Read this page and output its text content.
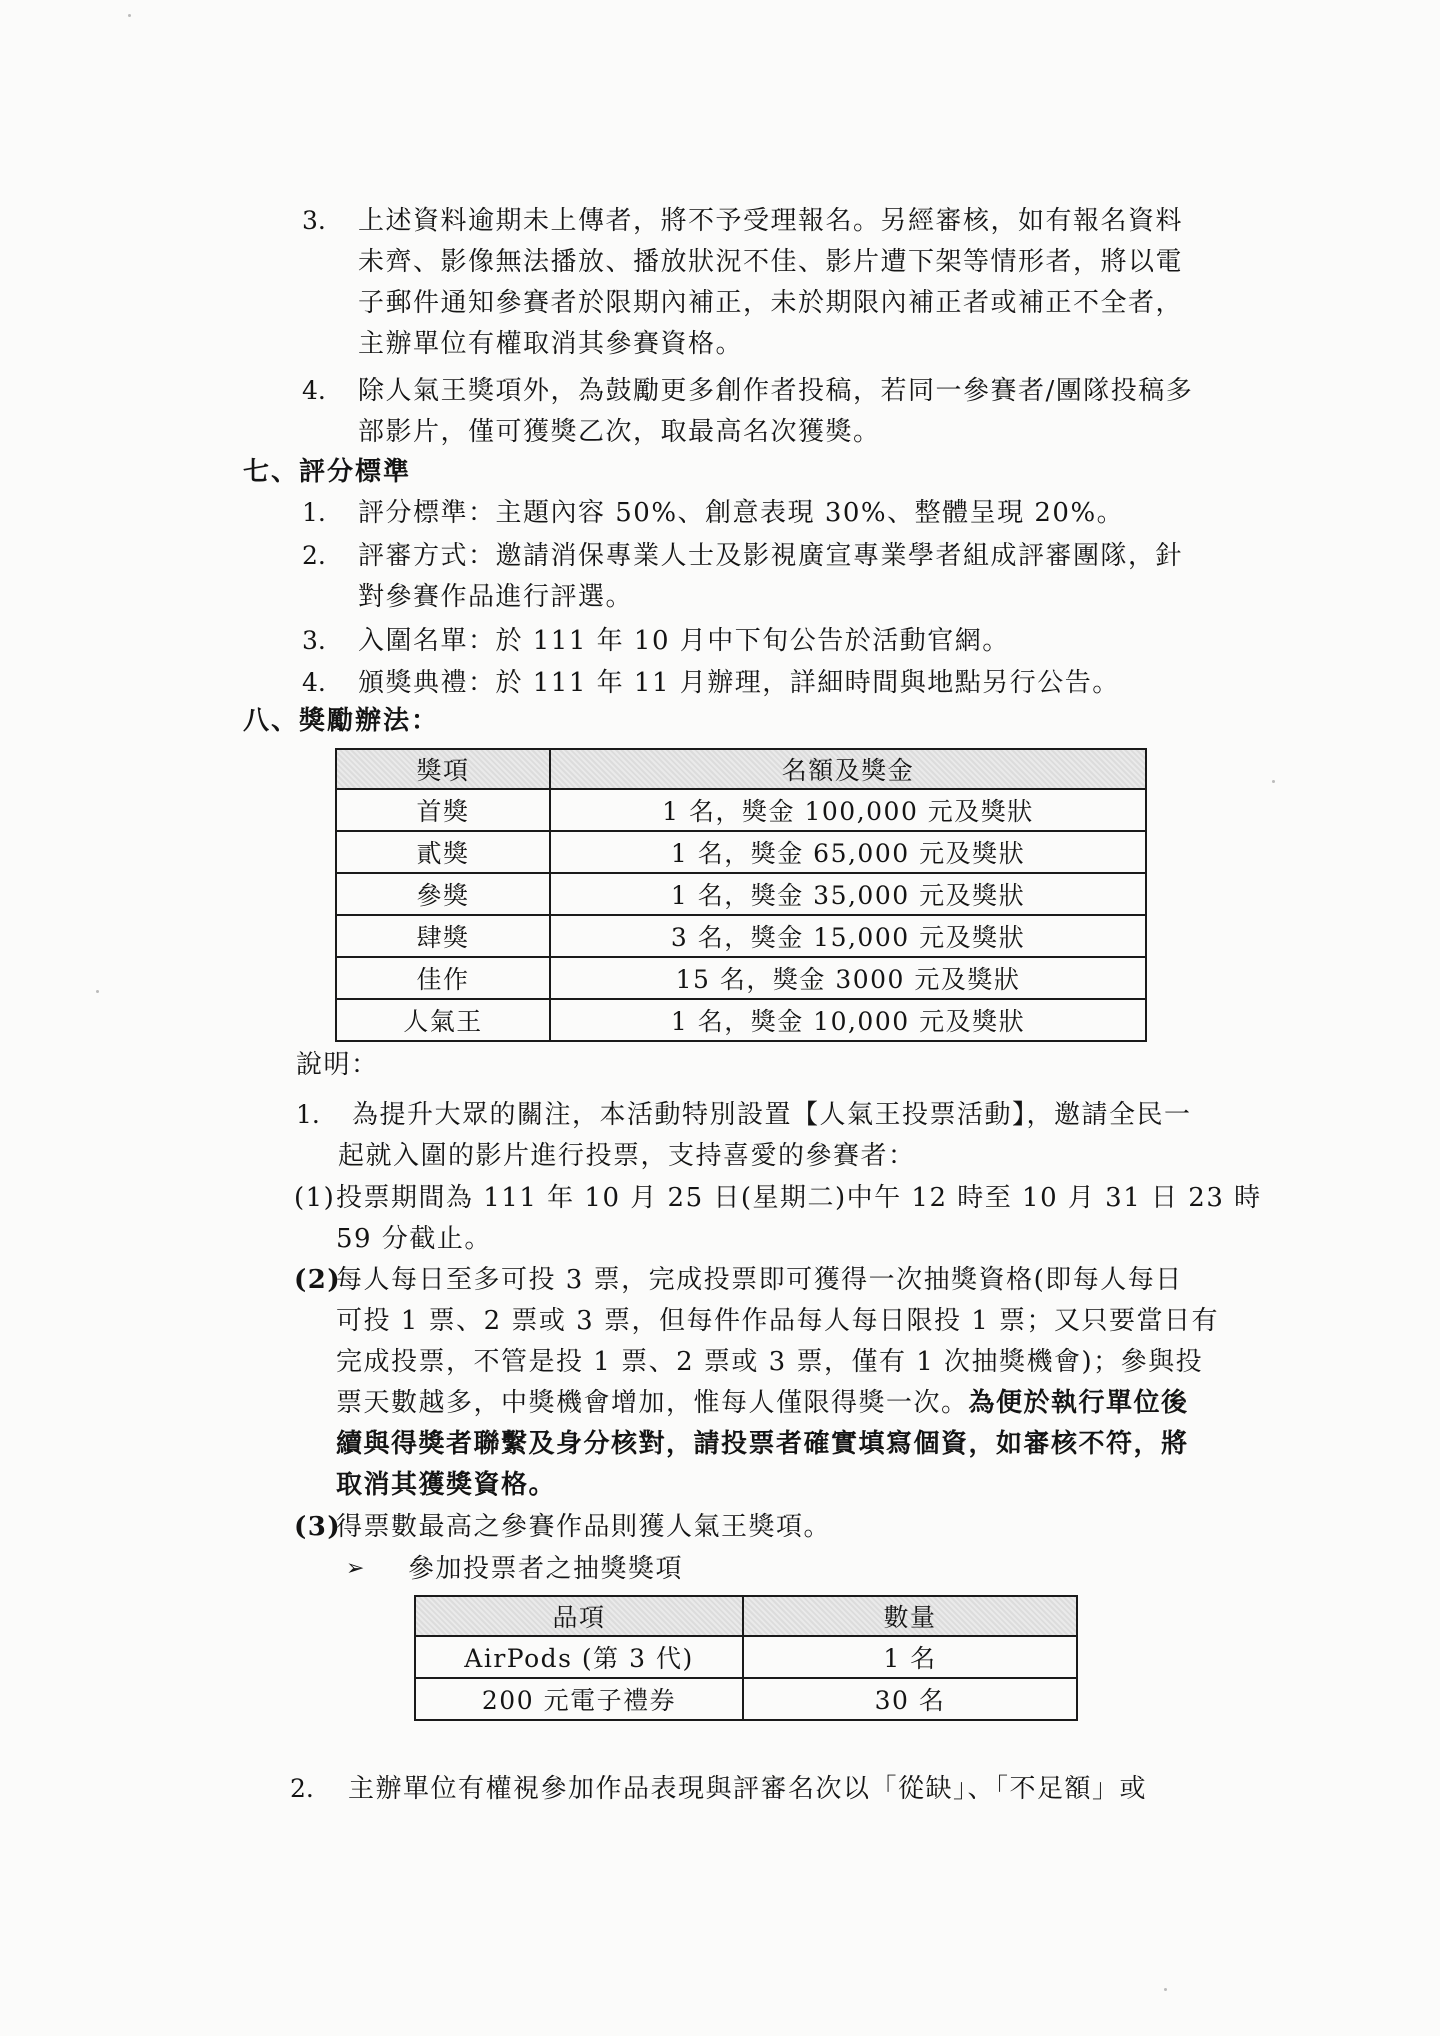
3. 上述資料逾期未上傳者，將不予受理報名。另經審核，如有報名資料
未齊、影像無法播放、播放狀況不佳、影片遭下架等情形者，將以電
子郵件通知參賽者於限期內補正，未於期限內補正者或補正不全者，
主辦單位有權取消其參賽資格。
4. 除人氣王獎項外，為鼓勵更多創作者投稿，若同一參賽者/團隊投稿多
部影片，僅可獲獎乙次，取最高名次獲獎。
七、評分標準
1. 評分標準：主題內容 50%、創意表現 30%、整體呈現 20%。
2. 評審方式：邀請消保專業人士及影視廣宣專業學者組成評審團隊，針
對參賽作品進行評選。
3. 入圍名單：於 111 年 10 月中下旬公告於活動官網。
4. 頒獎典禮：於 111 年 11 月辦理，詳細時間與地點另行公告。
八、獎勵辦法：
獎項	名額及獎金
首獎	1 名，獎金 100,000 元及獎狀
貳獎	1 名，獎金 65,000 元及獎狀
參獎	1 名，獎金 35,000 元及獎狀
肆獎	3 名，獎金 15,000 元及獎狀
佳作	15 名，獎金 3000 元及獎狀
人氣王	1 名，獎金 10,000 元及獎狀
說明：
1. 為提升大眾的關注，本活動特別設置【人氣王投票活動】，邀請全民一
起就入圍的影片進行投票，支持喜愛的參賽者：
(1) 投票期間為 111 年 10 月 25 日(星期二)中午 12 時至 10 月 31 日 23 時
59 分截止。
(2)
每人每日至多可投 3 票，完成投票即可獲得一次抽獎資格(即每人每日
可投 1 票、2 票或 3 票，但每件作品每人每日限投 1 票；又只要當日有
完成投票，不管是投 1 票、2 票或 3 票，僅有 1 次抽獎機會)；參與投
票天數越多，中獎機會增加，惟每人僅限得獎一次。為便於執行單位後
續與得獎者聯繫及身分核對，請投票者確實填寫個資，如審核不符，將
取消其獲獎資格。
(3)
得票數最高之參賽作品則獲人氣王獎項。
➢ 參加投票者之抽獎獎項
品項	數量
AirPods (第 3 代)	1 名
200 元電子禮券	30 名
2. 主辦單位有權視參加作品表現與評審名次以「從缺」、「不足額」或
